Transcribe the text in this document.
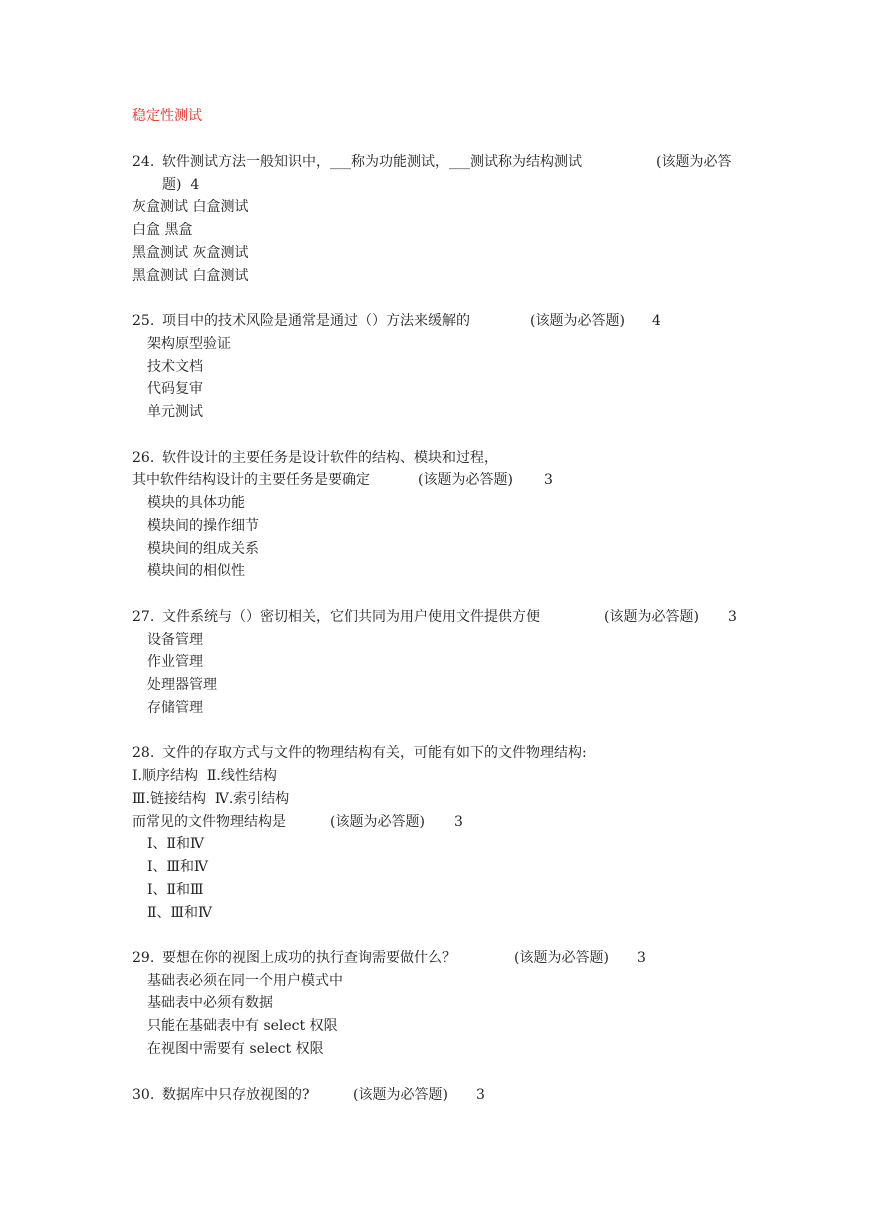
稳定性测试
24. 软件测试方法一般知识中，___称为功能测试，___测试称为结构测试	(该题为必答
题)  4
灰盒测试 白盒测试
白盒 黑盒
黑盒测试 灰盒测试
黑盒测试 白盒测试
25. 项目中的技术风险是通常是通过（）方法来缓解的	(该题为必答题) 4
架构原型验证
技术文档
代码复审
单元测试
26. 软件设计的主要任务是设计软件的结构、模块和过程，
其中软件结构设计的主要任务是要确定	(该题为必答题) 3
模块的具体功能
模块间的操作细节
模块间的组成关系
模块间的相似性
27. 文件系统与（）密切相关，它们共同为用户使用文件提供方便	(该题为必答题) 3
设备管理
作业管理
处理器管理
存储管理
28. 文件的存取方式与文件的物理结构有关，可能有如下的文件物理结构:
Ⅰ.顺序结构  Ⅱ.线性结构
Ⅲ.链接结构  Ⅳ.索引结构
而常见的文件物理结构是	(该题为必答题) 3
Ⅰ、Ⅱ和Ⅳ
Ⅰ、Ⅲ和Ⅳ
Ⅰ、Ⅱ和Ⅲ
Ⅱ、Ⅲ和Ⅳ
29. 要想在你的视图上成功的执行查询需要做什么？	(该题为必答题) 3
基础表必须在同一个用户模式中
基础表中必须有数据
只能在基础表中有 select 权限
在视图中需要有 select 权限
30. 数据库中只存放视图的?	(该题为必答题) 3
